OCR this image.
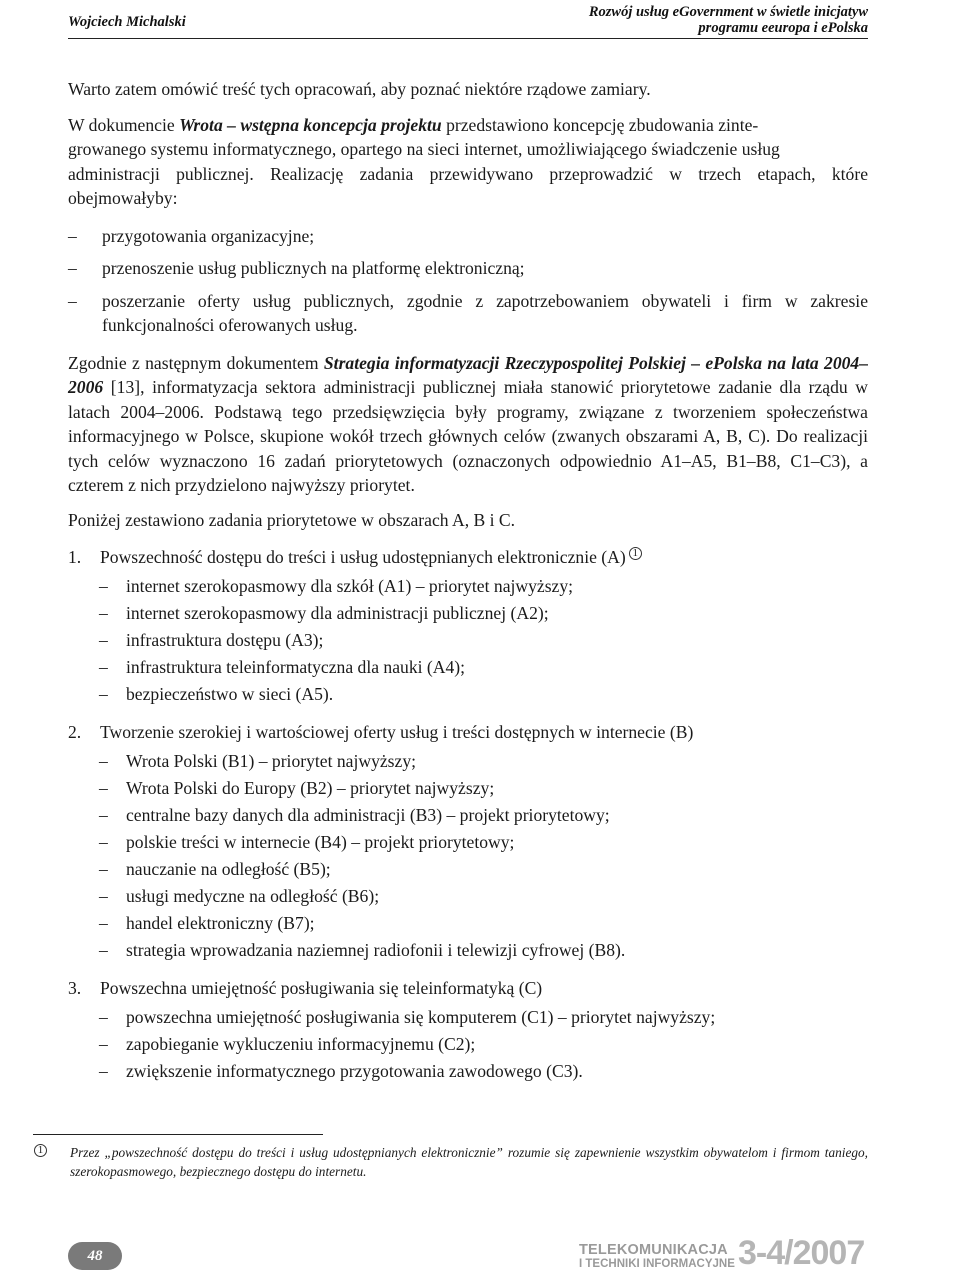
Wojciech Michalski
Rozwój usług eGovernment w świetle inicjatyw
programu eeuropa i ePolska

Warto zatem omówić treść tych opracowań, aby poznać niektóre rządowe zamiary.

W dokumencie Wrota – wstępna koncepcja projektu przedstawiono koncepcję zbudowania zinte-
growanego systemu informatycznego, opartego na sieci internet, umożliwiającego świadczenie usług
administracji publicznej. Realizację zadania przewidywano przeprowadzić w trzech etapach, które obejmowałyby:

– przygotowania organizacyjne;
– przenoszenie usług publicznych na platformę elektroniczną;
– poszerzanie oferty usług publicznych, zgodnie z zapotrzebowaniem obywateli i firm w zakresie funkcjonalności oferowanych usług.

Zgodnie z następnym dokumentem Strategia informatyzacji Rzeczypospolitej Polskiej – ePolska na lata 2004–2006 [13], informatyzacja sektora administracji publicznej miała stanowić priorytetowe zadanie dla rządu w latach 2004–2006. Podstawą tego przedsięwzięcia były programy, związane z tworzeniem społeczeństwa informacyjnego w Polsce, skupione wokół trzech głównych celów (zwanych obszarami A, B, C). Do realizacji tych celów wyznaczono 16 zadań priorytetowych (oznaczonych odpowiednio A1–A5, B1–B8, C1–C3), a czterem z nich przydzielono najwyższy priorytet.

Poniżej zestawiono zadania priorytetowe w obszarach A, B i C.

1. Powszechność dostępu do treści i usług udostępnianych elektronicznie (A) $^1$
– internet szerokopasmowy dla szkół (A1) – priorytet najwyższy;
– internet szerokopasmowy dla administracji publicznej (A2);
– infrastruktura dostępu (A3);
– infrastruktura teleinformatyczna dla nauki (A4);
– bezpieczeństwo w sieci (A5).
2. Tworzenie szerokiej i wartościowej oferty usług i treści dostępnych w internecie (B)
– Wrota Polski (B1) – priorytet najwyższy;
– Wrota Polski do Europy (B2) – priorytet najwyższy;
– centralne bazy danych dla administracji (B3) – projekt priorytetowy;
– polskie treści w internecie (B4) – projekt priorytetowy;
– nauczanie na odległość (B5);
– usługi medyczne na odległość (B6);
– handel elektroniczny (B7);
– strategia wprowadzania naziemnej radiofonii i telewizji cyfrowej (B8).
3. Powszechna umiejętność posługiwania się teleinformatyką (C)
– powszechna umiejętność posługiwania się komputerem (C1) – priorytet najwyższy;
– zapobieganie wykluczeniu informacyjnemu (C2);
– zwiększenie informatycznego przygotowania zawodowego (C3).
1	Przez „powszechność dostępu do treści i usług udostępnianych elektronicznie” rozumie się zapewnienie wszystkim obywatelom i firmom taniego, szerokopasmowego, bezpiecznego dostępu do internetu.
48	TELEKOMUNIKACJA
I TECHNIKI INFORMACYJNE 3-4/2007
